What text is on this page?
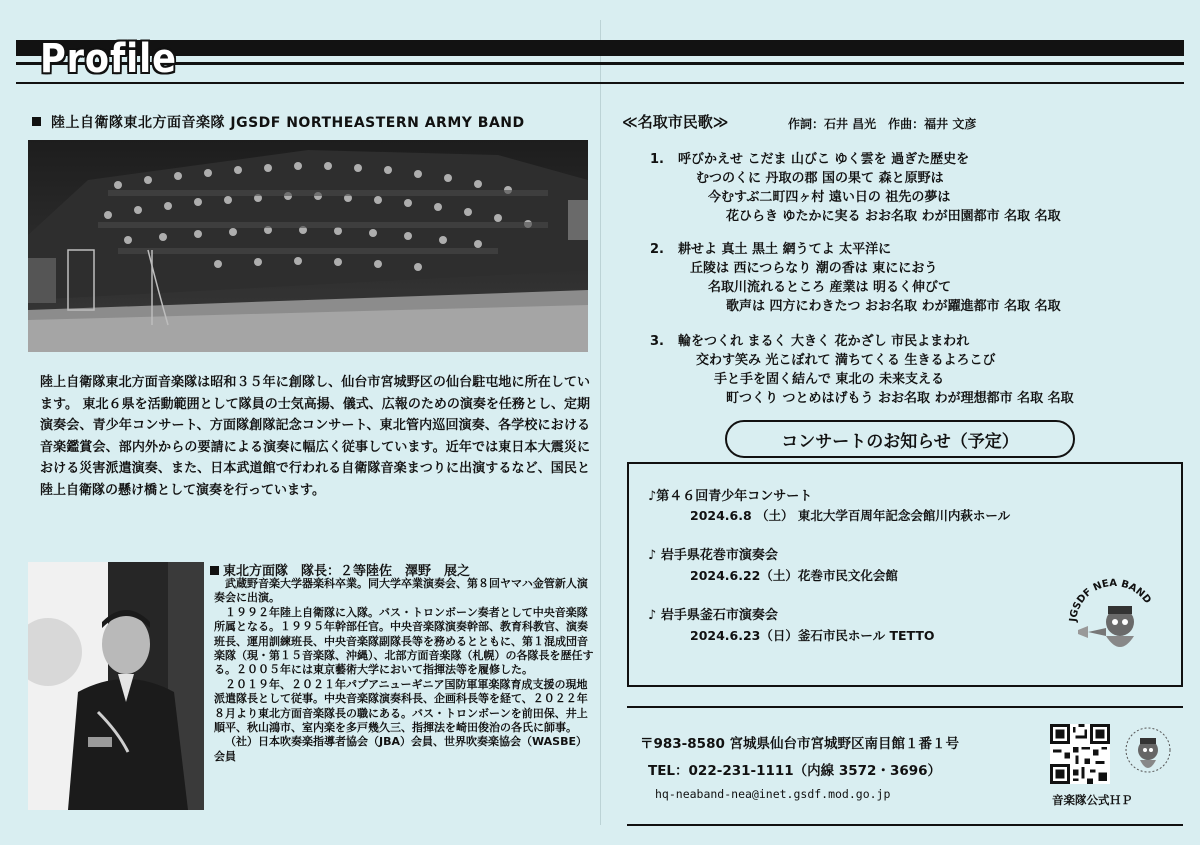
Profile
陸上自衛隊東北方面音楽隊 JGSDF NORTHEASTERN ARMY BAND
陸上自衛隊東北方面音楽隊は昭和３５年に創隊し、仙台市宮城野区の仙台駐屯地に所在しています。 東北６県を活動範囲として隊員の士気高揚、儀式、広報のための演奏を任務とし、定期演奏会、青少年コンサート、方面隊創隊記念コンサート、東北管内巡回演奏、各学校における音楽鑑賞会、部内外からの要請による演奏に幅広く従事しています。近年では東日本大震災における災害派遣演奏、また、日本武道館で行われる自衛隊音楽まつりに出演するなど、国民と陸上自衛隊の懸け橋として演奏を行っています。
東北方面隊　隊長：２等陸佐　澤野　展之

武蔵野音楽大学器楽科卒業。同大学卒業演奏会、第８回ヤマハ金管新人演奏会に出演。

１９９２年陸上自衛隊に入隊。バス・トロンボーン奏者として中央音楽隊所属となる。１９９５年幹部任官。中央音楽隊演奏幹部、教育科教官、演奏班長、運用訓練班長、中央音楽隊副隊長等を務めるとともに、第１混成団音楽隊（現・第１５音楽隊、沖縄）、北部方面音楽隊（札幌）の各隊長を歴任する。２００５年には東京藝術大学において指揮法等を履修した。

２０１９年、２０２１年パプアニューギニア国防軍軍楽隊育成支援の現地派遣隊長として従事。中央音楽隊演奏科長、企画科長等を経て、２０２２年８月より東北方面音楽隊長の職にある。バス・トロンボーンを前田保、井上順平、秋山鴻市、室内楽を多戸幾久三、指揮法を崎田俊治の各氏に師事。

（社）日本吹奏楽指導者協会（JBA）会員、世界吹奏楽協会（WASBE）会員

≪名取市民歌≫	作詞：石井 昌光　作曲：福井 文彦
1. 呼びかえせ こだま 山びこ ゆく雲を 過ぎた歴史を
むつのくに 丹取の郡 国の果て 森と原野は
今むすぶ二町四ヶ村 遠い日の 祖先の夢は
花ひらき ゆたかに実る おお名取 わが田園都市 名取 名取
2. 耕せよ 真土 黒土 網うてよ 太平洋に
丘陵は 西につらなり 潮の香は 東ににおう
名取川流れるところ 産業は 明るく伸びて
歌声は 四方にわきたつ おお名取 わが躍進都市 名取 名取
3. 輪をつくれ まるく 大きく 花かざし 市民よまわれ
交わす笑み 光こぼれて 満ちてくる 生きるよろこび
手と手を固く結んで 東北の 未来支える
町つくり つとめはげもう おお名取 わが理想都市 名取 名取
コンサートのお知らせ（予定）
♪第４６回青少年コンサート
2024.6.8 （土） 東北大学百周年記念会館川内萩ホール
♪ 岩手県花巻市演奏会
2024.6.22（土）花巻市民文化会館
♪ 岩手県釜石市演奏会
2024.6.23（日）釜石市民ホール TETTO
JGSDF NEA BAND
〒983-8580 宮城県仙台市宮城野区南目館１番１号
TEL：022-231-1111（内線 3572・3696）
hq-neaband-nea@inet.gsdf.mod.go.jp	音楽隊公式ＨＰ
